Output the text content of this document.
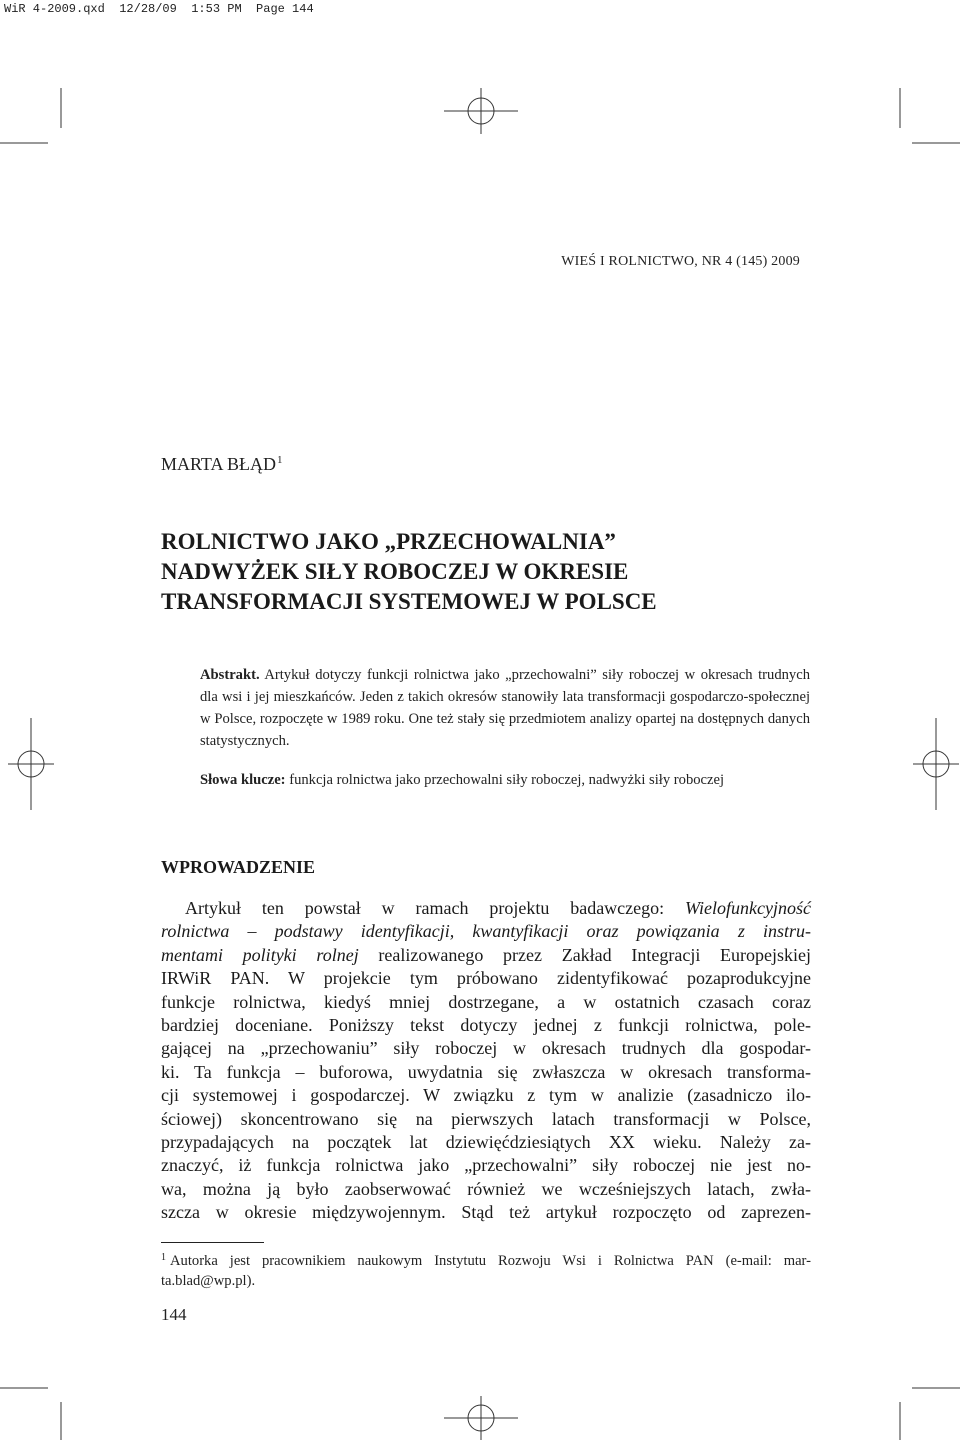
WiR 4-2009.qxd  12/28/09  1:53 PM  Page 144
WIEŚ I ROLNICTWO, NR 4 (145) 2009
MARTA BŁĄD$^1$
ROLNICTWO JAKO „PRZECHOWALNIA”
NADWYŻEK SIŁY ROBOCZEJ W OKRESIE
TRANSFORMACJI SYSTEMOWEJ W POLSCE

Abstrakt. Artykuł dotyczy funkcji rolnictwa jako „przechowalni” siły roboczej w okresach trudnych dla wsi i jej mieszkańców. Jeden z takich okresów stanowiły lata transformacji gospodarczo-społecznej w Polsce, rozpoczęte w 1989 roku. One też stały się przedmiotem analizy opartej na dostępnych danych statystycznych.

Słowa klucze: funkcja rolnictwa jako przechowalni siły roboczej, nadwyżki siły roboczej

WPROWADZENIE
Artykuł ten powstał w ramach projektu badawczego: Wielofunkcyjność
rolnictwa – podstawy identyfikacji, kwantyfikacji oraz powiązania z instru-
mentami polityki rolnej realizowanego przez Zakład Integracji Europejskiej
IRWiR PAN. W projekcie tym próbowano zidentyfikować pozaprodukcyjne
funkcje rolnictwa, kiedyś mniej dostrzegane, a w ostatnich czasach coraz
bardziej doceniane. Poniższy tekst dotyczy jednej z funkcji rolnictwa, pole-
gającej na „przechowaniu” siły roboczej w okresach trudnych dla gospodar-
ki. Ta funkcja – buforowa, uwydatnia się zwłaszcza w okresach transforma-
cji systemowej i gospodarczej. W związku z tym w analizie (zasadniczo ilo-
ściowej) skoncentrowano się na pierwszych latach transformacji w Polsce,
przypadających na początek lat dziewięćdziesiątych XX wieku. Należy za-
znaczyć, iż funkcja rolnictwa jako „przechowalni” siły roboczej nie jest no-
wa, można ją było zaobserwować również we wcześniejszych latach, zwła-
szcza w okresie międzywojennym. Stąd też artykuł rozpoczęto od zaprezen-
$^1$ Autorka jest pracownikiem naukowym Instytutu Rozwoju Wsi i Rolnictwa PAN (e-mail: mar-
ta.blad@wp.pl).
144
